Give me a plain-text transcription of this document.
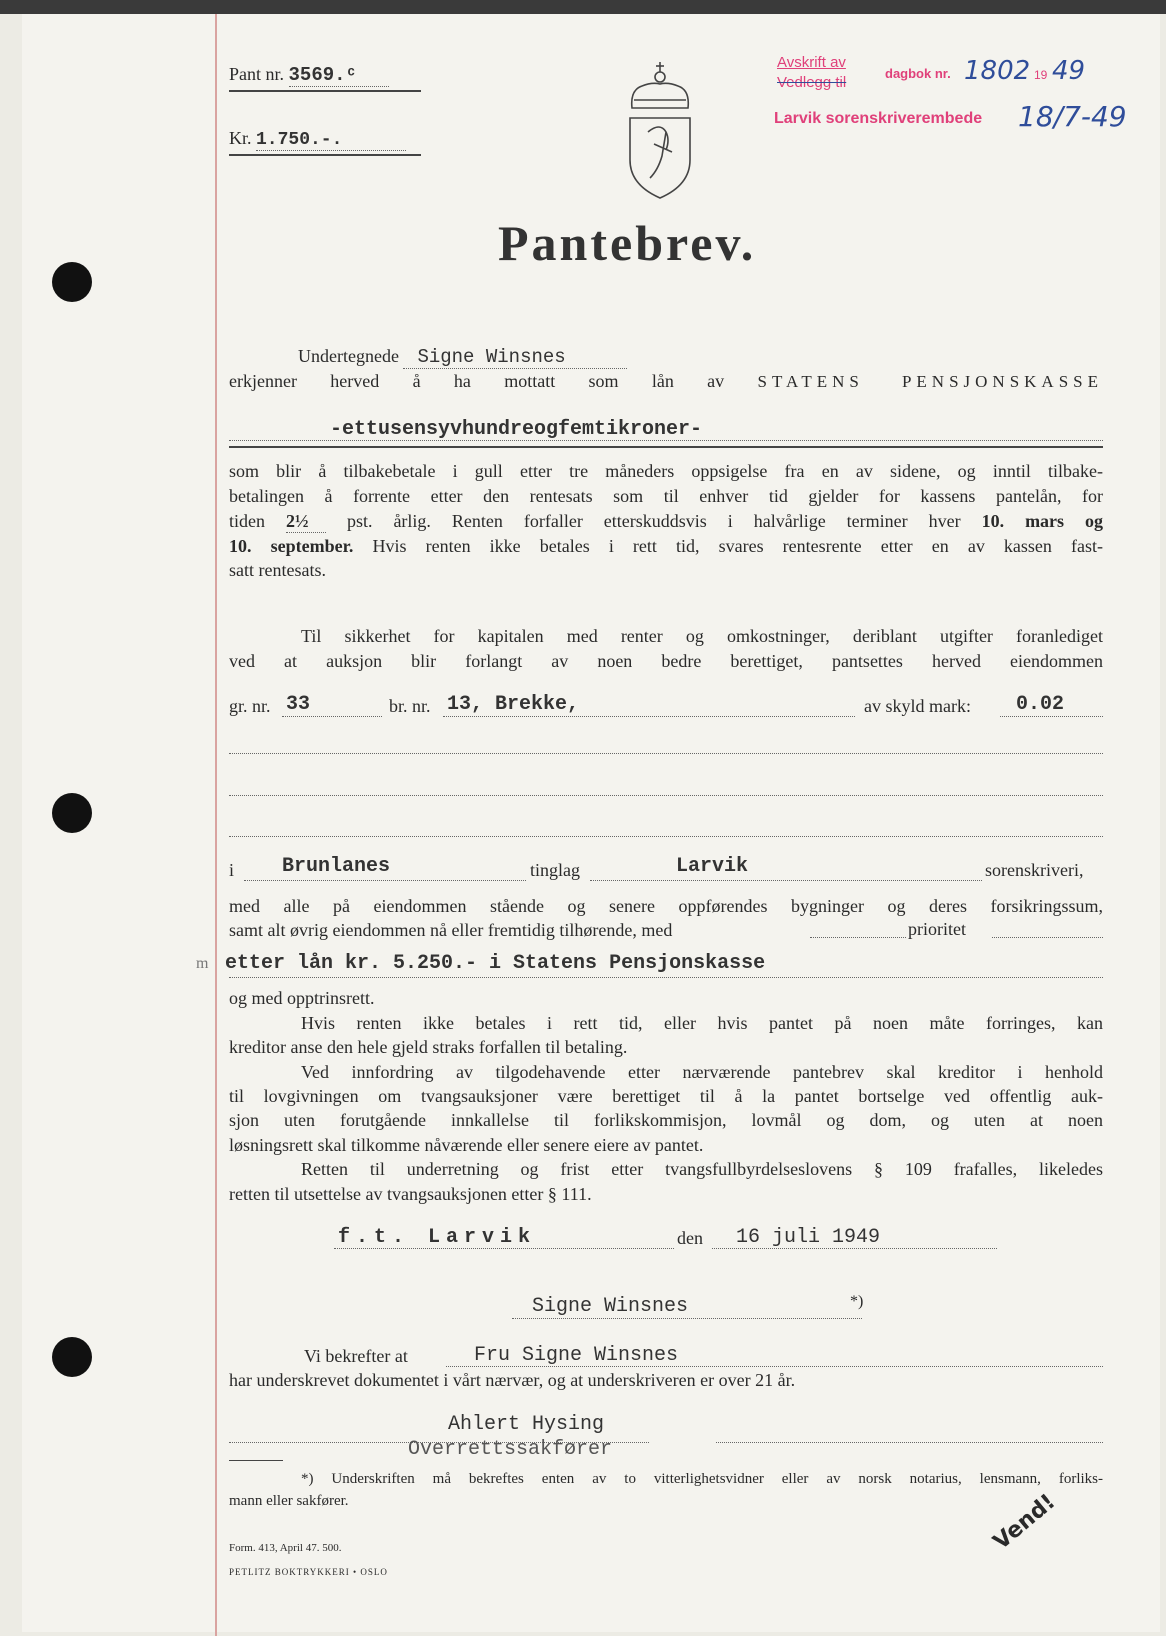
Pant nr. 3569.ᶜ
Kr. 1.750.-.
Avskrift av
Vedlegg til
dagbok nr. 1802 19 49
Larvik sorenskriverembede 18/7-49
Pantebrev.
Undertegnede Signe Winsnes
erkjenner herved å ha mottatt som lån av STATENS PENSJONSKASSE
-ettusensyvhundreogfemtikroner-
som blir å tilbakebetale i gull etter tre måneders oppsigelse fra en av sidene, og inntil tilbake-
betalingen å forrente etter den rentesats som til enhver tid gjelder for kassens pantelån, for
tiden 2½ pst. årlig. Renten forfaller etterskuddsvis i halvårlige terminer hver 10. mars og
10. september. Hvis renten ikke betales i rett tid, svares rentesrente etter en av kassen fast-
satt rentesats.
Til sikkerhet for kapitalen med renter og omkostninger, deriblant utgifter foranlediget
ved at auksjon blir forlangt av noen bedre berettiget, pantsettes herved eiendommen
gr. nr. 33	br. nr. 13, Brekke,	av skyld mark: 0.02
i Brunlanes	tinglag	Larvik	sorenskriveri,
med alle på eiendommen stående og senere oppførendes bygninger og deres forsikringssum,
samt alt øvrig eiendommen nå eller fremtidig tilhørende, med	prioritet
m etter lån kr. 5.250.- i Statens Pensjonskasse
og med opptrinsrett.
Hvis renten ikke betales i rett tid, eller hvis pantet på noen måte forringes, kan
kreditor anse den hele gjeld straks forfallen til betaling.
Ved innfordring av tilgodehavende etter nærværende pantebrev skal kreditor i henhold
til lovgivningen om tvangsauksjoner være berettiget til å la pantet bortselge ved offentlig auk-
sjon uten forutgående innkallelse til forlikskommisjon, lovmål og dom, og uten at noen
løsningsrett skal tilkomme nåværende eller senere eiere av pantet.
Retten til underretning og frist etter tvangsfullbyrdelseslovens § 109 frafalles, likeledes
retten til utsettelse av tvangsauksjonen etter § 111.
f.t. Larvik	den 16 juli 1949
Signe Winsnes	*)
Vi bekrefter at	Fru Signe Winsnes
har underskrevet dokumentet i vårt nærvær, og at underskriveren er over 21 år.
Ahlert Hysing
Overrettssakfører
*) Underskriften må bekreftes enten av to vitterlighetsvidner eller av norsk notarius, lensmann, forliks-
mann eller sakfører.
Form. 413, April 47. 500.
PETLITZ BOKTRYKKERI • OSLO
Vend!
